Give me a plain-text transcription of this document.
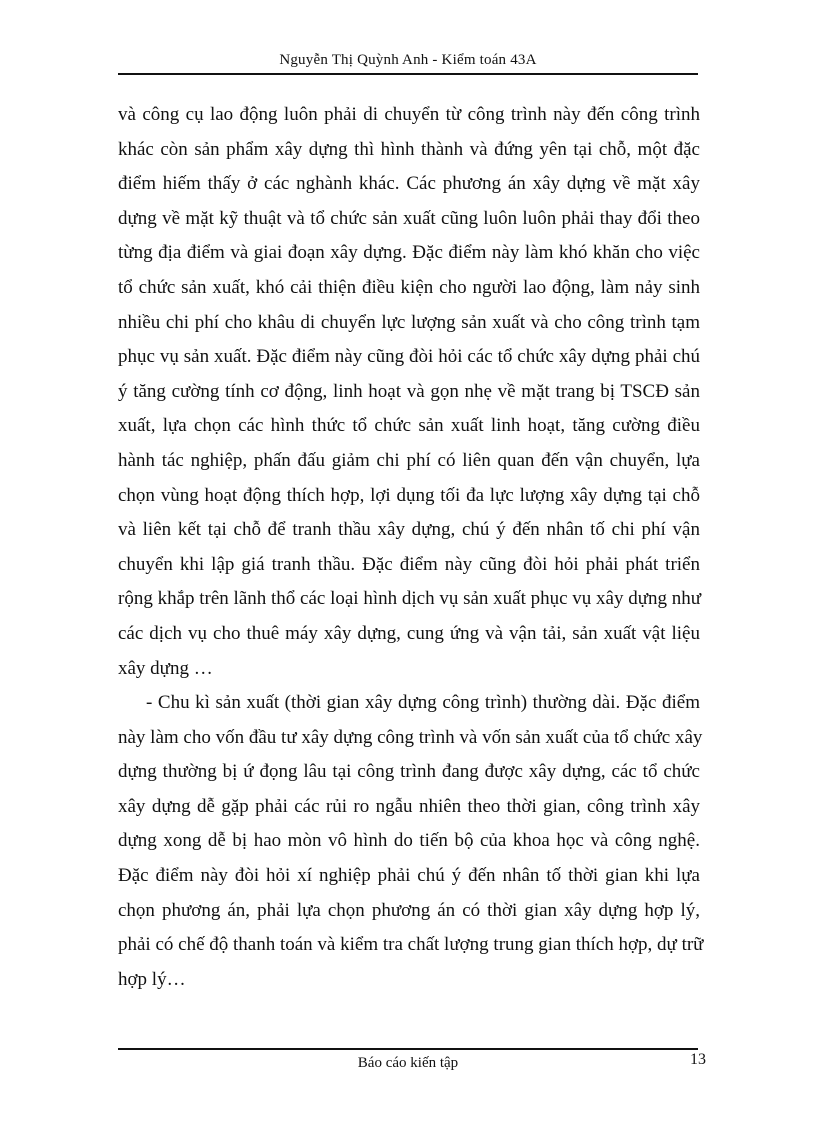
Nguyễn Thị Quỳnh Anh - Kiểm toán 43A
và công cụ lao động luôn phải di chuyển từ công trình này đến công trình
khác còn sản phẩm xây dựng thì hình thành và đứng yên tại chỗ, một đặc
điểm hiếm thấy ở các nghành khác. Các phương án xây dựng về mặt xây
dựng về mặt kỹ thuật và tổ chức sản xuất cũng luôn luôn phải thay đổi theo
từng địa điểm và giai đoạn xây dựng. Đặc điểm này làm khó khăn cho việc
tổ chức sản xuất, khó cải thiện điều kiện cho người lao động, làm nảy sinh
nhiều chi phí cho khâu di chuyển lực lượng sản xuất và cho công trình tạm
phục vụ sản xuất. Đặc điểm này cũng đòi hỏi các tổ chức xây dựng phải chú
ý tăng cường tính cơ động, linh hoạt và gọn nhẹ về mặt trang bị TSCĐ sản
xuất, lựa chọn các hình thức tổ chức sản xuất linh hoạt, tăng cường điều
hành tác nghiệp, phấn đấu giảm chi phí có liên quan đến vận chuyển, lựa
chọn vùng hoạt động thích hợp, lợi dụng tối đa lực lượng xây dựng tại chỗ
và liên kết tại chỗ để tranh thầu xây dựng, chú ý đến nhân tố chi phí vận
chuyển khi lập giá tranh thầu. Đặc điểm này cũng đòi hỏi phải phát triển
rộng khắp trên lãnh thổ các loại hình dịch vụ sản xuất phục vụ xây dựng như
các dịch vụ cho thuê máy xây dựng, cung ứng và vận tải, sản xuất vật liệu
xây dựng …
- Chu kì sản xuất (thời gian xây dựng công trình) thường dài. Đặc điểm
này làm cho vốn đầu tư xây dựng công trình và vốn sản xuất của tổ chức xây
dựng thường bị ứ đọng lâu tại công trình đang được xây dựng, các tổ chức
xây dựng dễ gặp phải các rủi ro ngẫu nhiên theo thời gian, công trình xây
dựng xong dễ bị hao mòn vô hình do tiến bộ của khoa học và công nghệ.
Đặc điểm này đòi hỏi xí nghiệp phải chú ý đến nhân tố thời gian khi lựa
chọn phương án, phải lựa chọn phương án có thời gian xây dựng hợp lý,
phải có chế độ thanh toán và kiểm tra chất lượng trung gian thích hợp, dự trữ
hợp lý…
Báo cáo kiến tập	13
